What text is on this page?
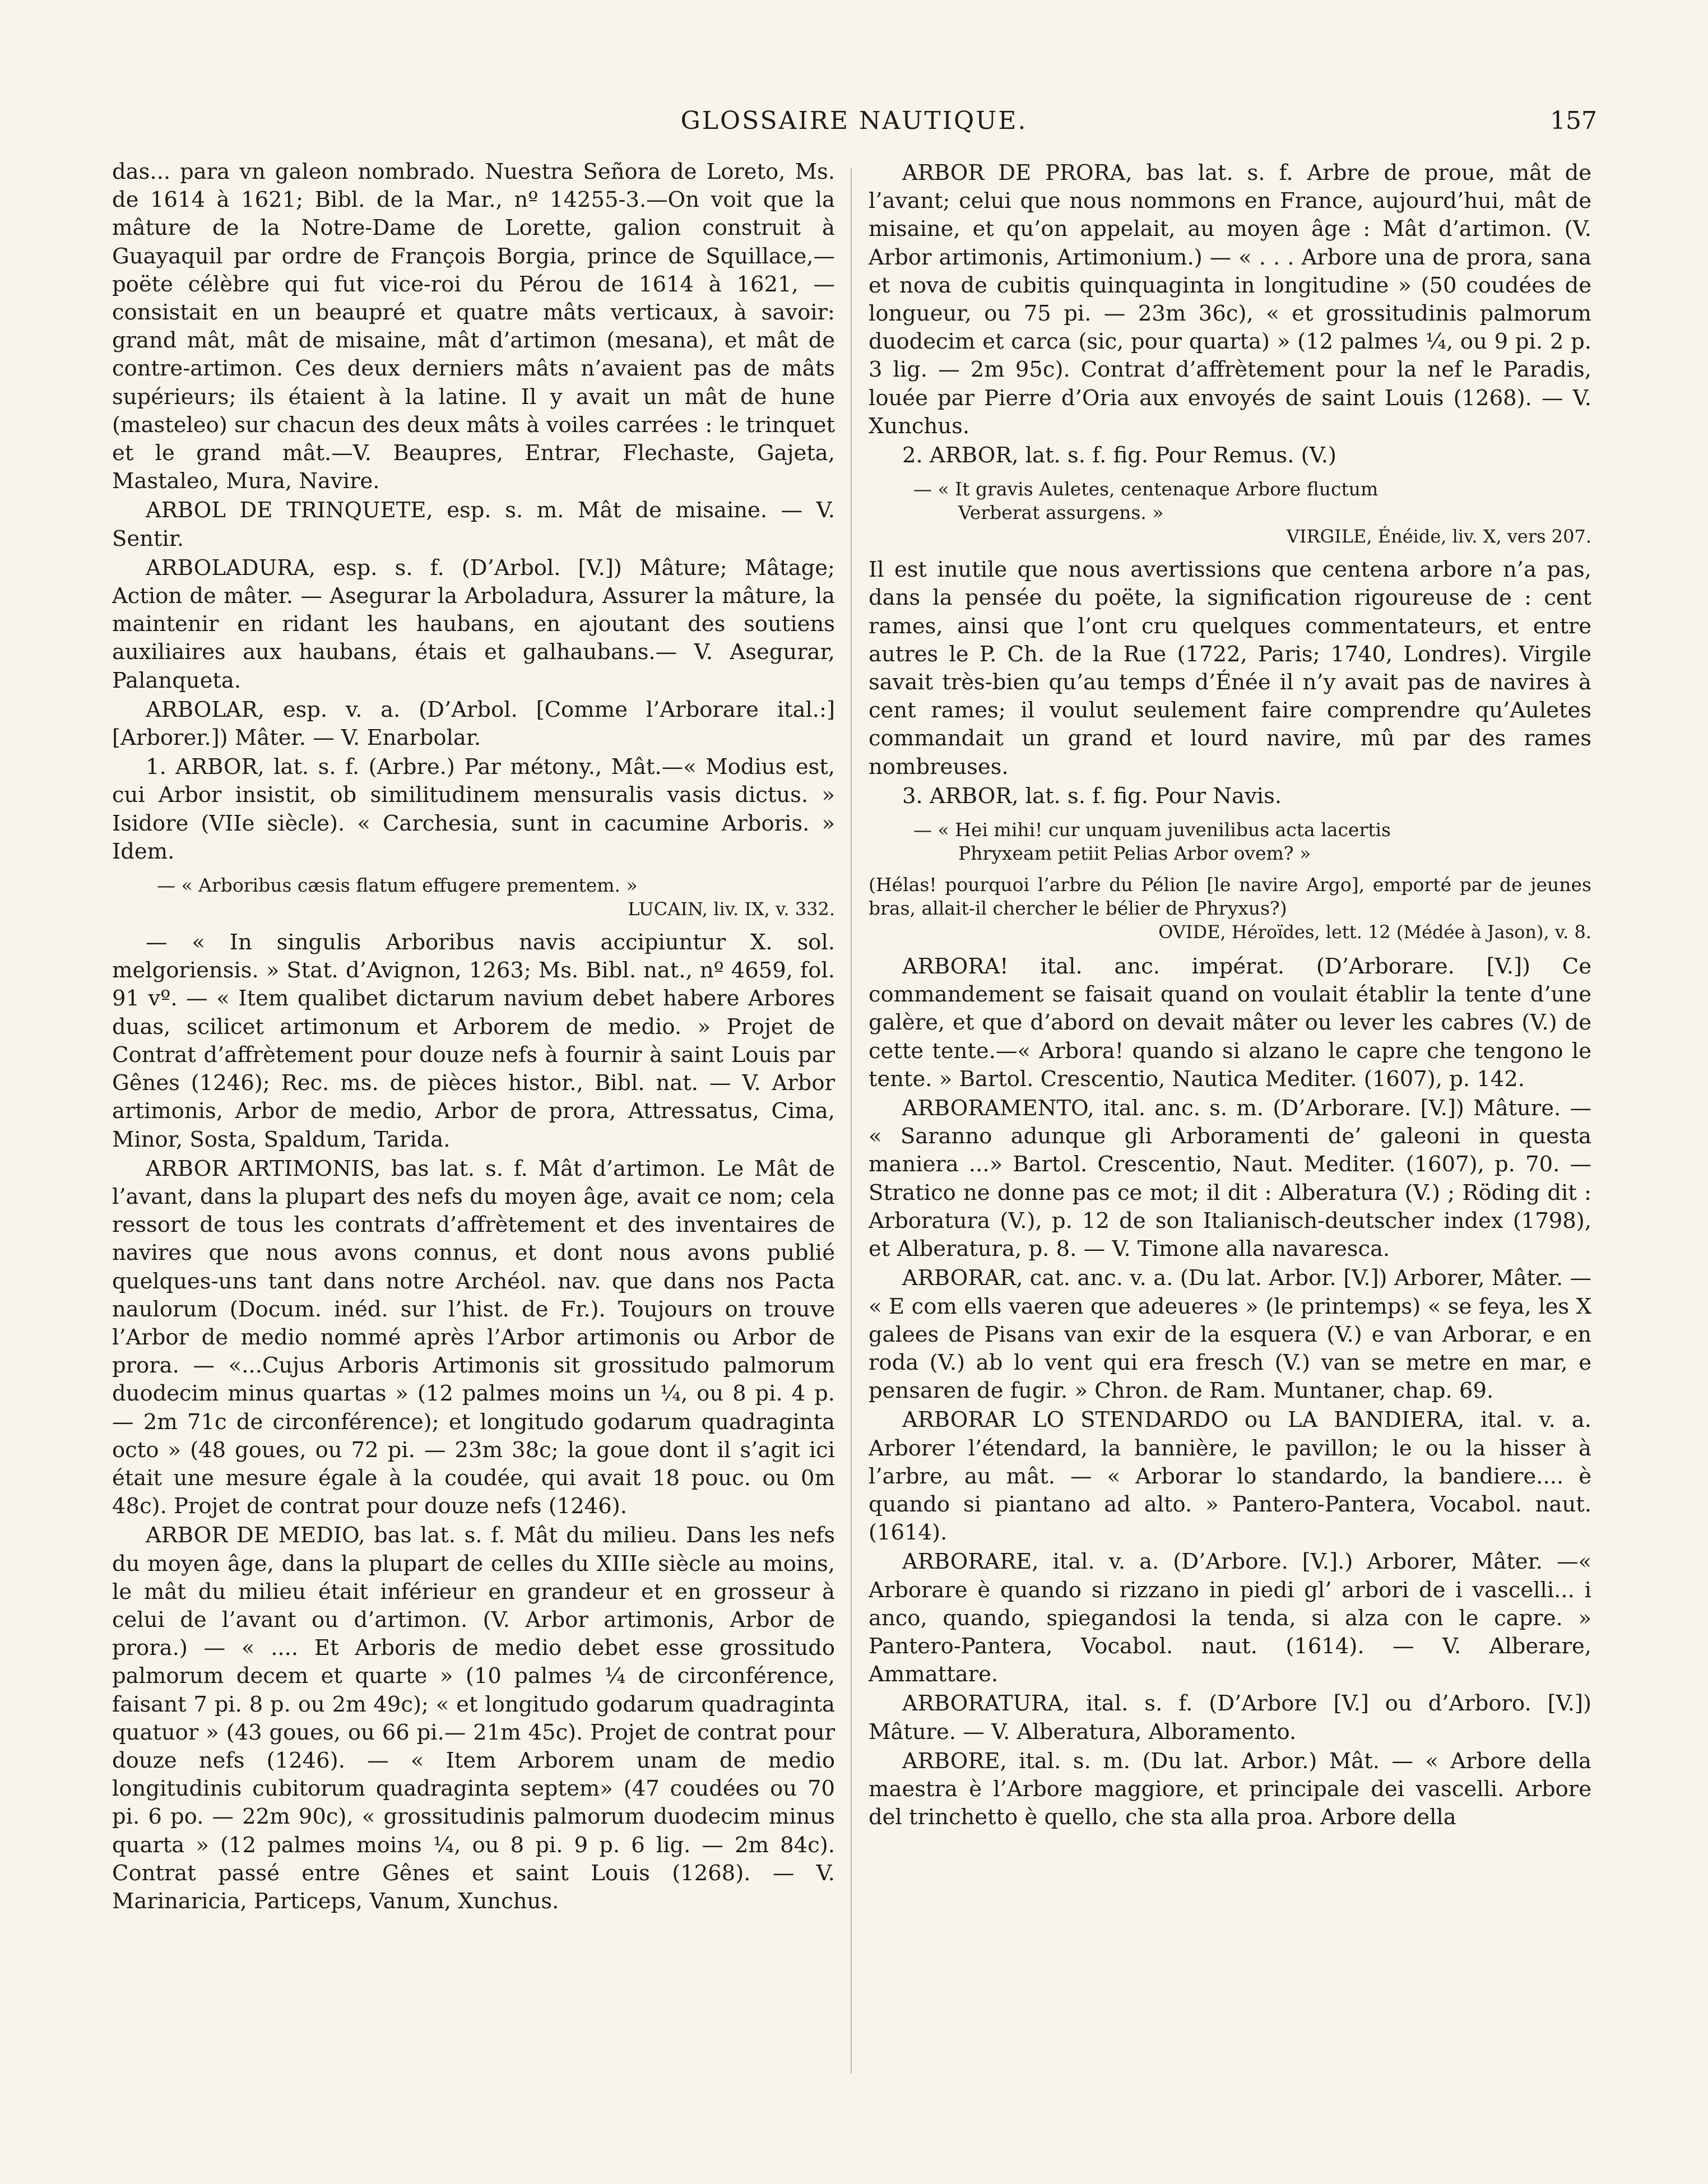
GLOSSAIRE NAUTIQUE.	157

das... para vn galeon nombrado. Nuestra Señora de Loreto, Ms. de 1614 à 1621; Bibl. de la Mar., nº 14255-3.—On voit que la mâture de la Notre-Dame de Lorette, galion construit à Guayaquil par ordre de François Borgia, prince de Squillace,—poëte célèbre qui fut vice-roi du Pérou de 1614 à 1621, —consistait en un beaupré et quatre mâts verticaux, à savoir: grand mât, mât de misaine, mât d’artimon (mesana), et mât de contre-artimon. Ces deux derniers mâts n’avaient pas de mâts supérieurs; ils étaient à la latine. Il y avait un mât de hune (masteleo) sur chacun des deux mâts à voiles carrées : le trinquet et le grand mât.—V. Beaupres, Entrar, Flechaste, Gajeta, Mastaleo, Mura, Navire.

ARBOL DE TRINQUETE, esp. s. m. Mât de misaine. — V. Sentir.

ARBOLADURA, esp. s. f. (D’Arbol. [V.]) Mâture; Mâtage; Action de mâter. — Asegurar la Arboladura, Assurer la mâture, la maintenir en ridant les haubans, en ajoutant des soutiens auxiliaires aux haubans, étais et galhaubans.— V. Asegurar, Palanqueta.

ARBOLAR, esp. v. a. (D’Arbol. [Comme l’Arborare ital.:] [Arborer.]) Mâter. — V. Enarbolar.

1. ARBOR, lat. s. f. (Arbre.) Par métony., Mât.—« Modius est, cui Arbor insistit, ob similitudinem mensuralis vasis dictus. » Isidore (VIIe siècle). « Carchesia, sunt in cacumine Arboris. » Idem.

— « Arboribus cæsis flatum effugere prementem. »

LUCAIN, liv. IX, v. 332.

— « In singulis Arboribus navis accipiuntur X. sol. melgoriensis. » Stat. d’Avignon, 1263; Ms. Bibl. nat., nº 4659, fol. 91 vº. — « Item qualibet dictarum navium debet habere Arbores duas, scilicet artimonum et Arborem de medio. » Projet de Contrat d’affrètement pour douze nefs à fournir à saint Louis par Gênes (1246); Rec. ms. de pièces histor., Bibl. nat. — V. Arbor artimonis, Arbor de medio, Arbor de prora, Attressatus, Cima, Minor, Sosta, Spaldum, Tarida.

ARBOR ARTIMONIS, bas lat. s. f. Mât d’artimon. Le Mât de l’avant, dans la plupart des nefs du moyen âge, avait ce nom; cela ressort de tous les contrats d’affrètement et des inventaires de navires que nous avons connus, et dont nous avons publié quelques-uns tant dans notre Archéol. nav. que dans nos Pacta naulorum (Docum. inéd. sur l’hist. de Fr.). Toujours on trouve l’Arbor de medio nommé après l’Arbor artimonis ou Arbor de prora. — «...Cujus Arboris Artimonis sit grossitudo palmorum duodecim minus quartas » (12 palmes moins un ¼, ou 8 pi. 4 p. — 2m 71c de circonférence); et longitudo godarum quadraginta octo » (48 goues, ou 72 pi. — 23m 38c; la goue dont il s’agit ici était une mesure égale à la coudée, qui avait 18 pouc. ou 0m 48c). Projet de contrat pour douze nefs (1246).

ARBOR DE MEDIO, bas lat. s. f. Mât du milieu. Dans les nefs du moyen âge, dans la plupart de celles du XIIIe siècle au moins, le mât du milieu était inférieur en grandeur et en grosseur à celui de l’avant ou d’artimon. (V. Arbor artimonis, Arbor de prora.) — « .... Et Arboris de medio debet esse grossitudo palmorum decem et quarte » (10 palmes ¼ de circonférence, faisant 7 pi. 8 p. ou 2m 49c); « et longitudo godarum quadraginta quatuor » (43 goues, ou 66 pi.— 21m 45c). Projet de contrat pour douze nefs (1246). — « Item Arborem unam de medio longitudinis cubitorum quadraginta septem» (47 coudées ou 70 pi. 6 po. — 22m 90c), « grossitudinis palmorum duodecim minus quarta » (12 palmes moins ¼, ou 8 pi. 9 p. 6 lig. — 2m 84c). Contrat passé entre Gênes et saint Louis (1268). — V. Marinaricia, Particeps, Vanum, Xunchus.

ARBOR DE PRORA, bas lat. s. f. Arbre de proue, mât de l’avant; celui que nous nommons en France, aujourd’hui, mât de misaine, et qu’on appelait, au moyen âge : Mât d’artimon. (V. Arbor artimonis, Artimonium.) — « . . . Arbore una de prora, sana et nova de cubitis quinquaginta in longitudine » (50 coudées de longueur, ou 75 pi. — 23m 36c), « et grossitudinis palmorum duodecim et carca (sic, pour quarta) » (12 palmes ¼, ou 9 pi. 2 p. 3 lig. — 2m 95c). Contrat d’affrètement pour la nef le Paradis, louée par Pierre d’Oria aux envoyés de saint Louis (1268). — V. Xunchus.

2. ARBOR, lat. s. f. fig. Pour Remus. (V.)

— « It gravis Auletes, centenaque Arbore fluctum

Verberat assurgens. »

VIRGILE, Énéide, liv. X, vers 207.

Il est inutile que nous avertissions que centena arbore n’a pas, dans la pensée du poëte, la signification rigoureuse de : cent rames, ainsi que l’ont cru quelques commentateurs, et entre autres le P. Ch. de la Rue (1722, Paris; 1740, Londres). Virgile savait très-bien qu’au temps d’Énée il n’y avait pas de navires à cent rames; il voulut seulement faire comprendre qu’Auletes commandait un grand et lourd navire, mû par des rames nombreuses.

3. ARBOR, lat. s. f. fig. Pour Navis.

— « Hei mihi! cur unquam juvenilibus acta lacertis

Phryxeam petiit Pelias Arbor ovem? »

(Hélas! pourquoi l’arbre du Pélion [le navire Argo], emporté par de jeunes bras, allait-il chercher le bélier de Phryxus?)

OVIDE, Héroïdes, lett. 12 (Médée à Jason), v. 8.

ARBORA! ital. anc. impérat. (D’Arborare. [V.]) Ce commandement se faisait quand on voulait établir la tente d’une galère, et que d’abord on devait mâter ou lever les cabres (V.) de cette tente.—« Arbora! quando si alzano le capre che tengono le tente. » Bartol. Crescentio, Nautica Mediter. (1607), p. 142.

ARBORAMENTO, ital. anc. s. m. (D’Arborare. [V.]) Mâture. — « Saranno adunque gli Arboramenti de’ galeoni in questa maniera ...» Bartol. Crescentio, Naut. Mediter. (1607), p. 70. — Stratico ne donne pas ce mot; il dit : Alberatura (V.) ; Röding dit : Arboratura (V.), p. 12 de son Italianisch-deutscher index (1798), et Alberatura, p. 8. — V. Timone alla navaresca.

ARBORAR, cat. anc. v. a. (Du lat. Arbor. [V.]) Arborer, Mâter. — « E com ells vaeren que adeueres » (le printemps) « se feya, les X galees de Pisans van exir de la esquera (V.) e van Arborar, e en roda (V.) ab lo vent qui era fresch (V.) van se metre en mar, e pensaren de fugir. » Chron. de Ram. Muntaner, chap. 69.

ARBORAR LO STENDARDO ou LA BANDIERA, ital. v. a. Arborer l’étendard, la bannière, le pavillon; le ou la hisser à l’arbre, au mât. — « Arborar lo standardo, la bandiere.... è quando si piantano ad alto. » Pantero-Pantera, Vocabol. naut. (1614).

ARBORARE, ital. v. a. (D’Arbore. [V.].) Arborer, Mâter. —« Arborare è quando si rizzano in piedi gl’ arbori de i vascelli... i anco, quando, spiegandosi la tenda, si alza con le capre. » Pantero-Pantera, Vocabol. naut. (1614). — V. Alberare, Ammattare.

ARBORATURA, ital. s. f. (D’Arbore [V.] ou d’Arboro. [V.]) Mâture. — V. Alberatura, Alboramento.

ARBORE, ital. s. m. (Du lat. Arbor.) Mât. — « Arbore della maestra è l’Arbore maggiore, et principale dei vascelli. Arbore del trinchetto è quello, che sta alla proa. Arbore della
